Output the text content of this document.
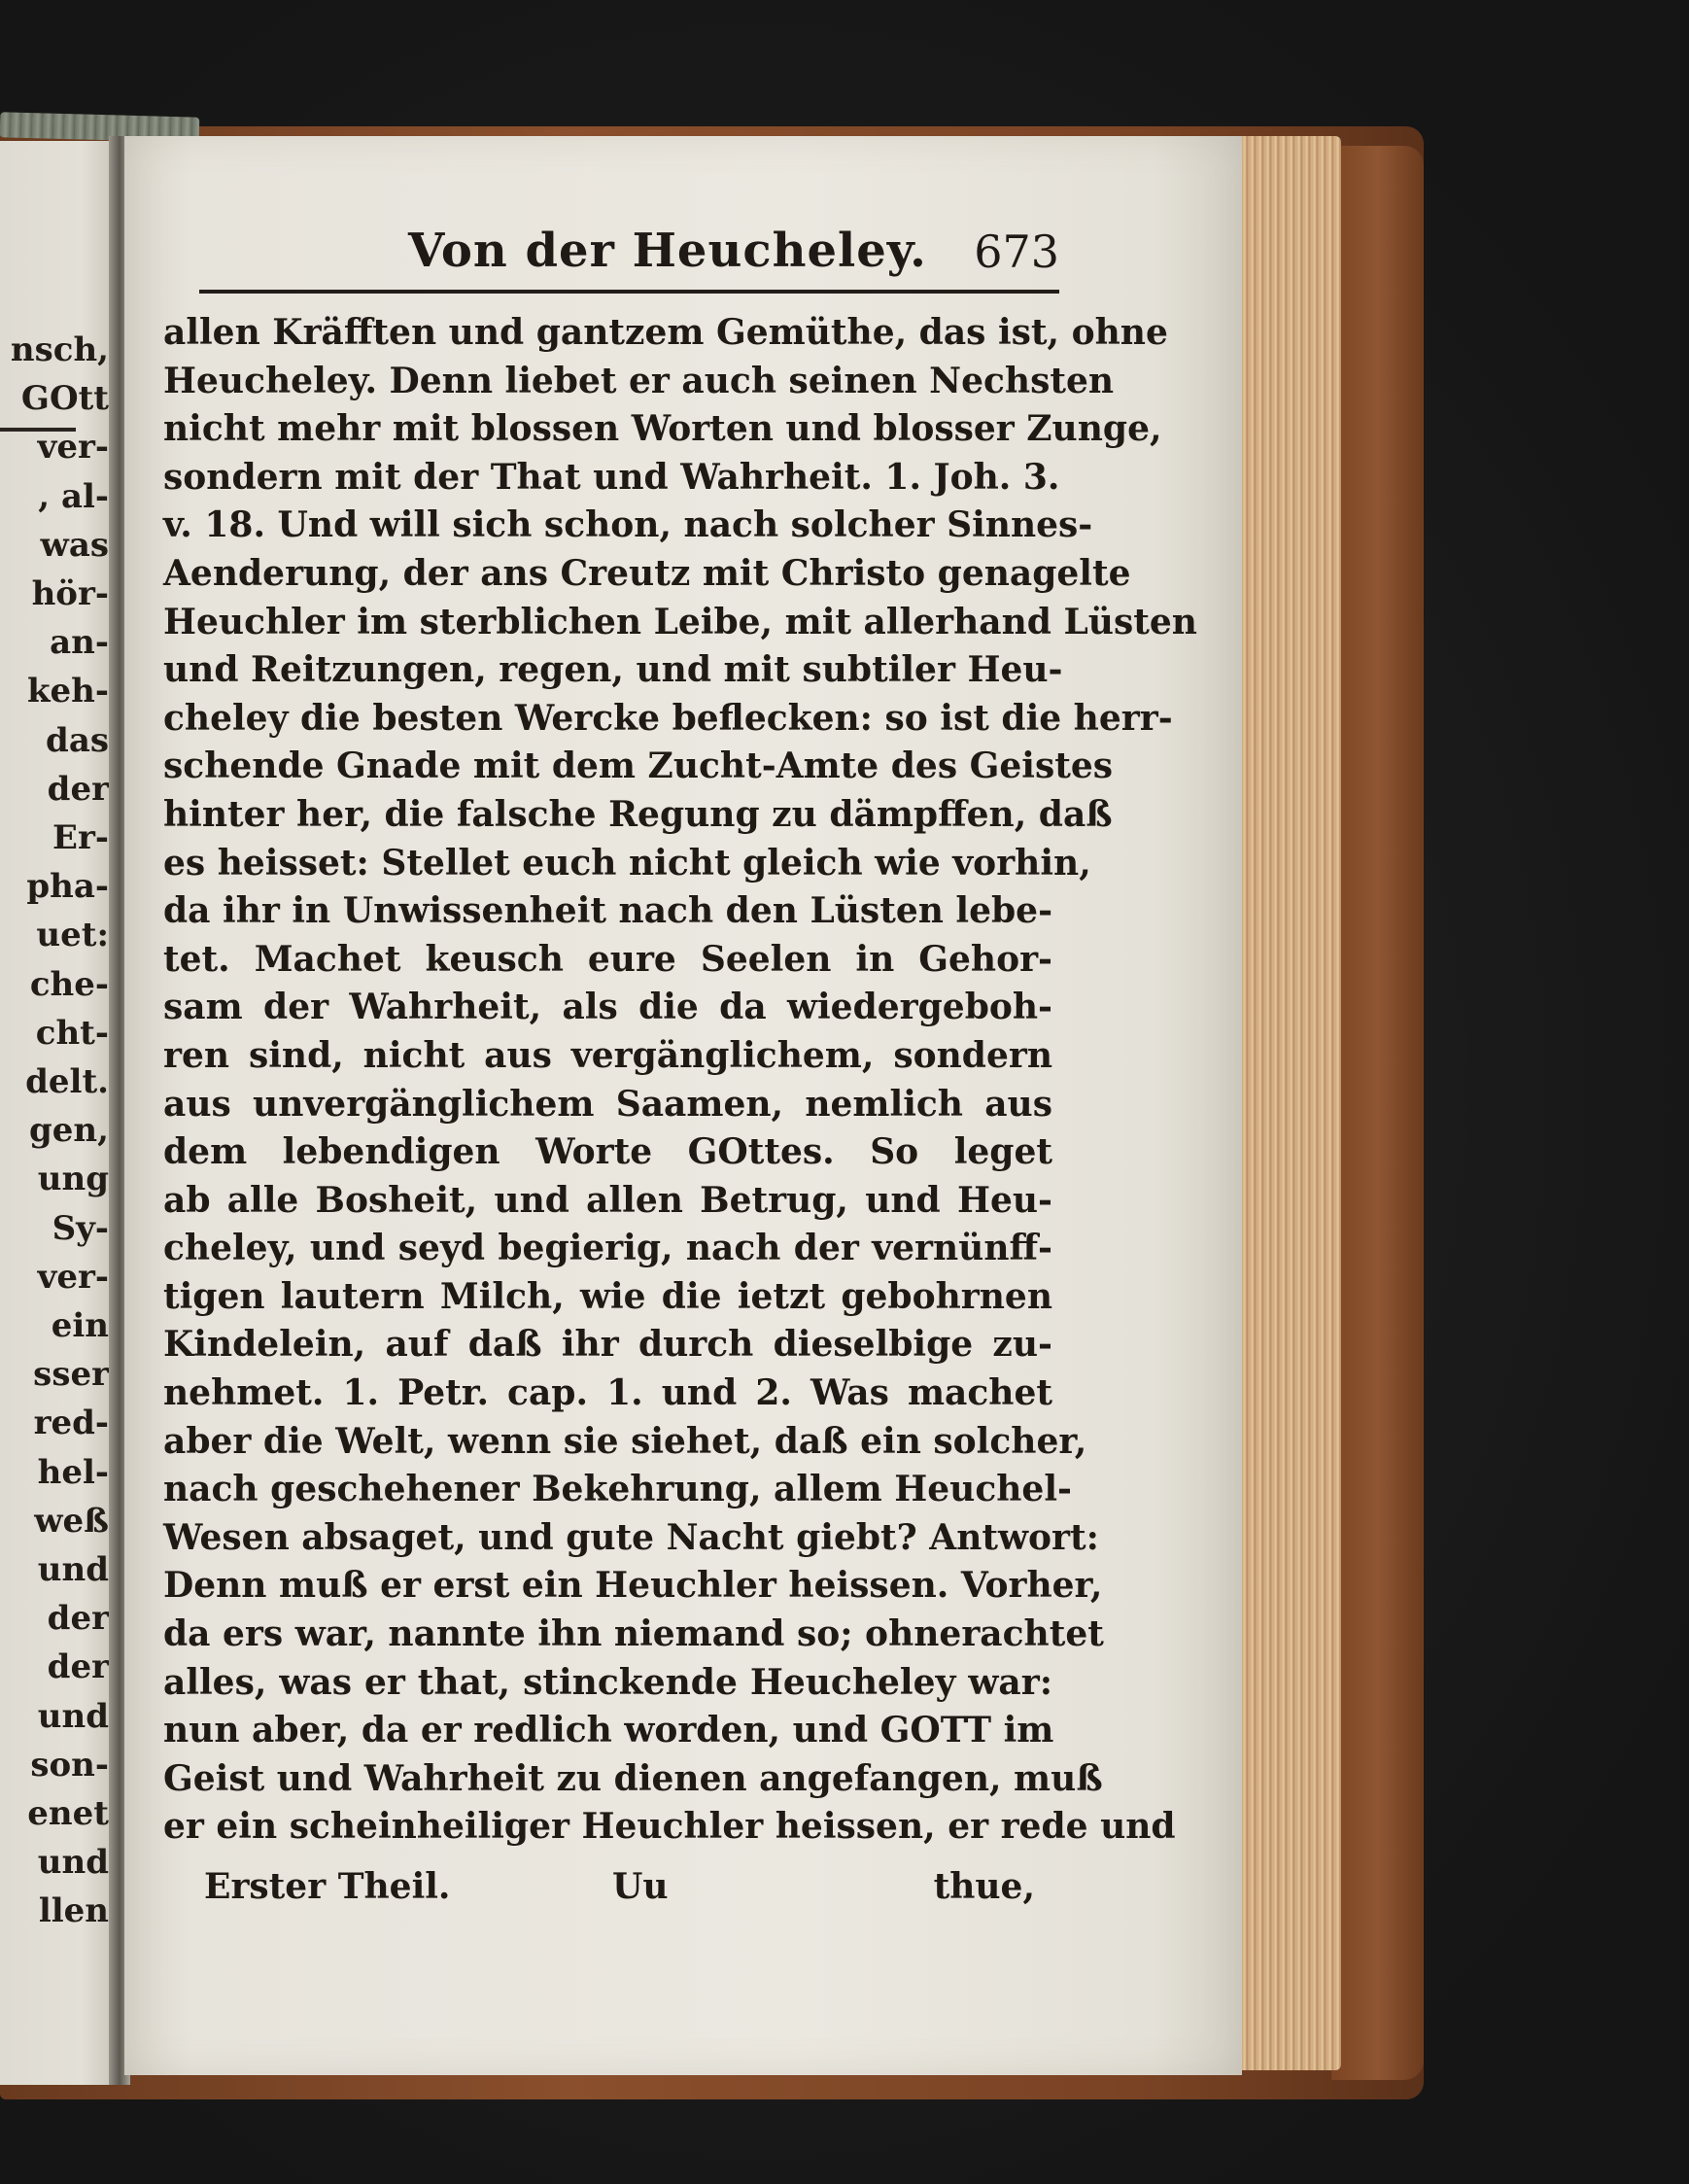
nsch,
GOtt
ver-
, al-
was
hör-
an-
keh-
das
der
Er-
pha-
uet:
che-
cht-
delt.
gen,
ung
Sy-
ver-
ein
sser
red-
hel-
weß
und
der
der
und
son-
enet
und
llen
Von der Heucheley. 673
allen Kräfften und gantzem Gemüthe, das ist, ohne
Heucheley. Denn liebet er auch seinen Nechsten
nicht mehr mit blossen Worten und blosser Zunge,
sondern mit der That und Wahrheit. 1. Joh. 3.
v. 18. Und will sich schon, nach solcher Sinnes-
Aenderung, der ans Creutz mit Christo genagelte
Heuchler im sterblichen Leibe, mit allerhand Lüsten
und Reitzungen, regen, und mit subtiler Heu-
cheley die besten Wercke beflecken: so ist die herr-
schende Gnade mit dem Zucht-Amte des Geistes
hinter her, die falsche Regung zu dämpffen, daß
es heisset: Stellet euch nicht gleich wie vorhin,
da ihr in Unwissenheit nach den Lüsten lebe-
tet. Machet keusch eure Seelen in Gehor-
sam der Wahrheit, als die da wiedergeboh-
ren sind, nicht aus vergänglichem, sondern
aus unvergänglichem Saamen, nemlich aus
dem lebendigen Worte GOttes. So leget
ab alle Bosheit, und allen Betrug, und Heu-
cheley, und seyd begierig, nach der vernünff-
tigen lautern Milch, wie die ietzt gebohrnen
Kindelein, auf daß ihr durch dieselbige zu-
nehmet. 1. Petr. cap. 1. und 2. Was machet
aber die Welt, wenn sie siehet, daß ein solcher,
nach geschehener Bekehrung, allem Heuchel-
Wesen absaget, und gute Nacht giebt? Antwort:
Denn muß er erst ein Heuchler heissen. Vorher,
da ers war, nannte ihn niemand so; ohnerachtet
alles, was er that, stinckende Heucheley war:
nun aber, da er redlich worden, und GOTT im
Geist und Wahrheit zu dienen angefangen, muß
er ein scheinheiliger Heuchler heissen, er rede und
Erster Theil.	Uu	thue,
